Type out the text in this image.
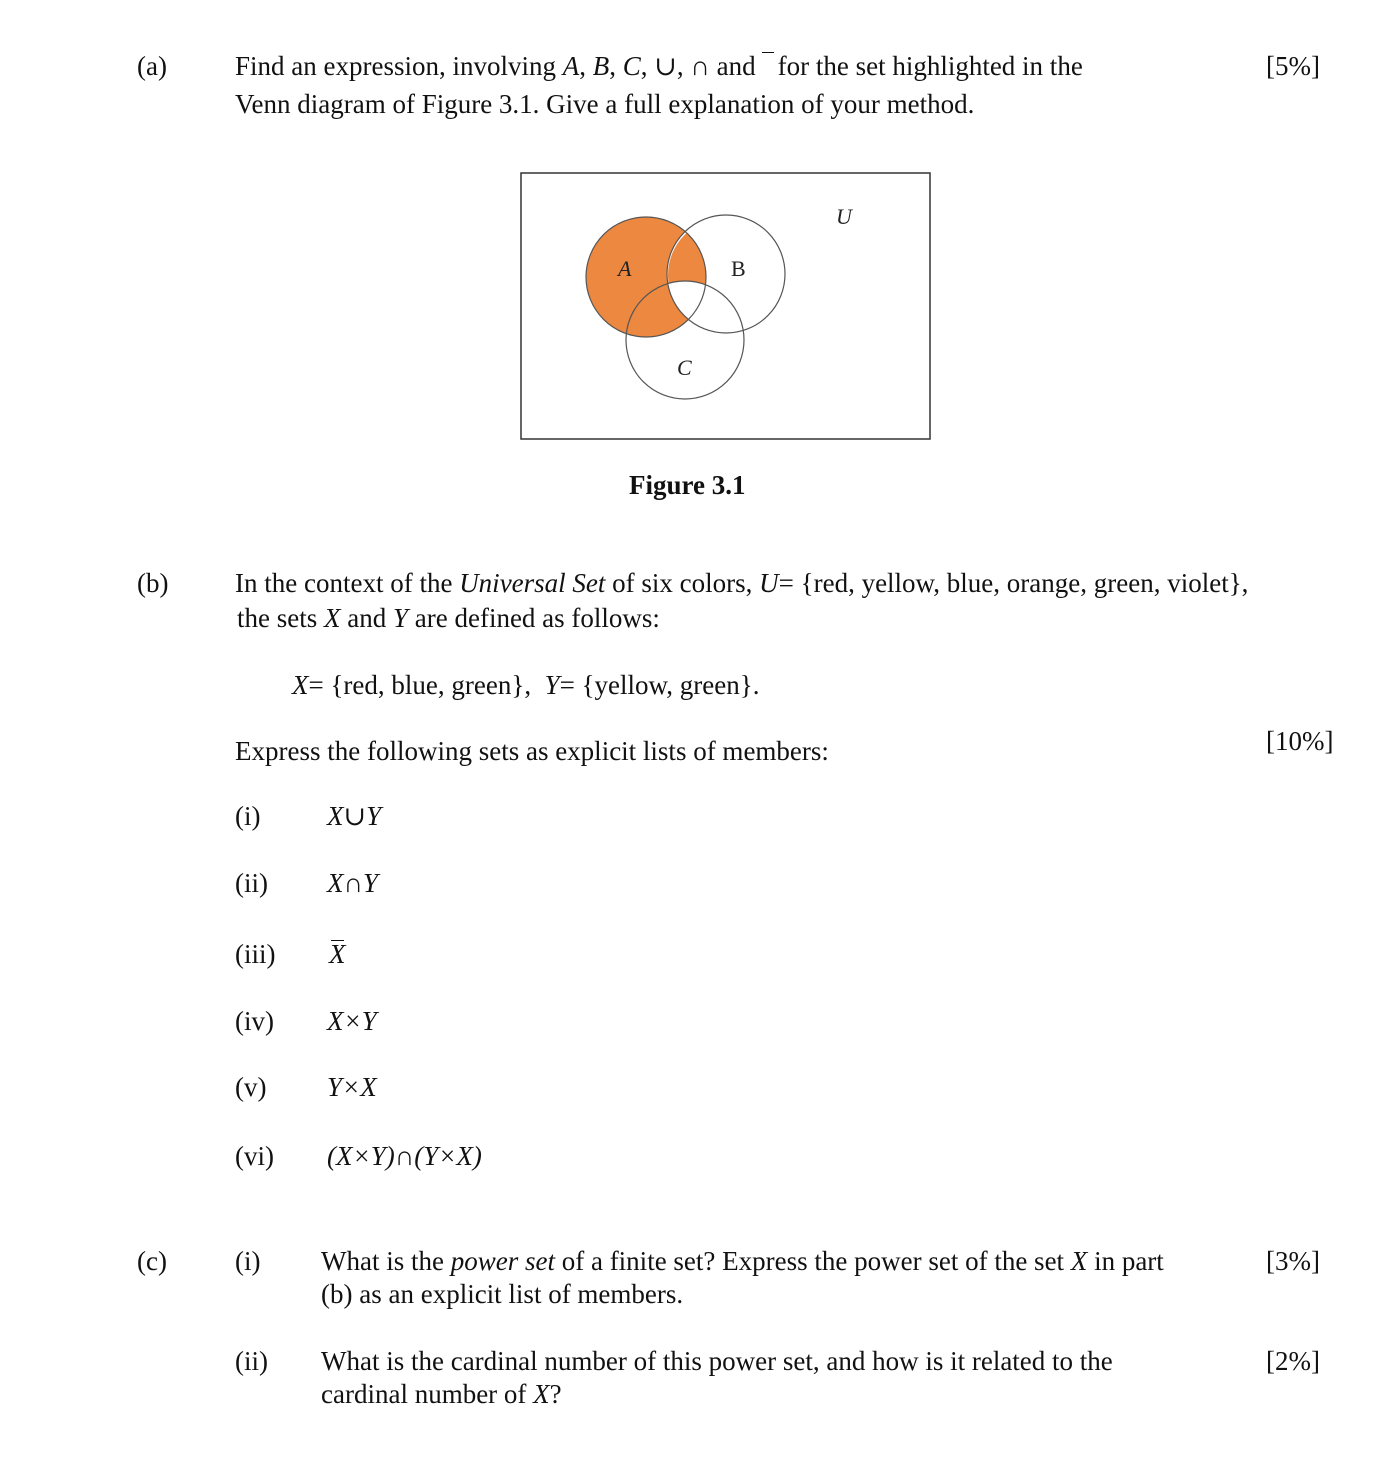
(a)	Find an expression, involving A, B, C, ∪, ∩ and for the set highlighted in the
Venn diagram of Figure 3.1. Give a full explanation of your method.
[5%]
U
A	B
C
Figure 3.1
(b) In the context of the Universal Set of six colors, U= {red, yellow, blue, orange, green, violet},
the sets X and Y are defined as follows:
X= {red, blue, green}, Y= {yellow, green}.
Express the following sets as explicit lists of members:	[10%]
(i) X∪Y
(ii) X∩Y
(iii) X
(iv) X×Y
(v) Y×X
(vi) (X×Y)∩(Y×X)
(c)	(i) What is the power set of a finite set? Express the power set of the set X in part
(b) as an explicit list of members.
[3%]
(ii) What is the cardinal number of this power set, and how is it related to the
cardinal number of X?
[2%]
